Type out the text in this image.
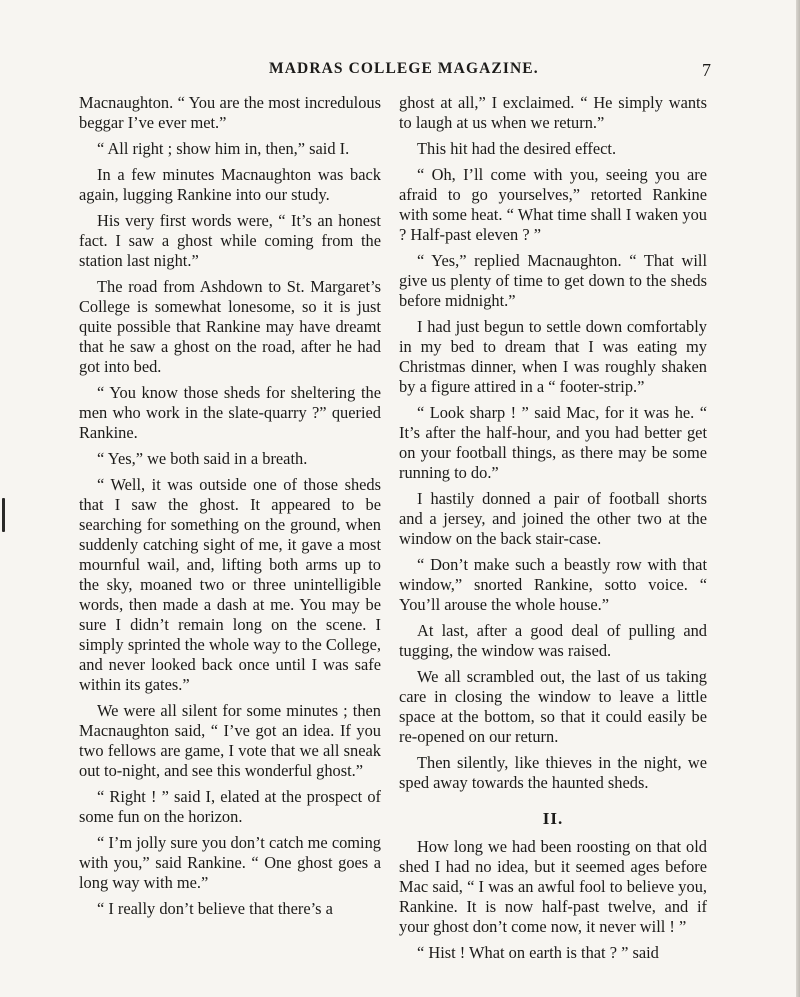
MADRAS COLLEGE MAGAZINE.	7

Macnaughton. “ You are the most incredulous beggar I’ve ever met.”

“ All right ; show him in, then,” said I.

In a few minutes Macnaughton was back again, lugging Rankine into our study.

His very first words were, “ It’s an honest fact. I saw a ghost while coming from the station last night.”

The road from Ashdown to St. Margaret’s College is somewhat lonesome, so it is just quite possible that Rankine may have dreamt that he saw a ghost on the road, after he had got into bed.

“ You know those sheds for sheltering the men who work in the slate-quarry ?” queried Rankine.

“ Yes,” we both said in a breath.

“ Well, it was outside one of those sheds that I saw the ghost. It appeared to be searching for something on the ground, when suddenly catching sight of me, it gave a most mournful wail, and, lifting both arms up to the sky, moaned two or three unintelligible words, then made a dash at me. You may be sure I didn’t remain long on the scene. I simply sprinted the whole way to the College, and never looked back once until I was safe within its gates.”

We were all silent for some minutes ; then Macnaughton said, “ I’ve got an idea. If you two fellows are game, I vote that we all sneak out to-night, and see this wonderful ghost.”

“ Right ! ” said I, elated at the prospect of some fun on the horizon.

“ I’m jolly sure you don’t catch me coming with you,” said Rankine. “ One ghost goes a long way with me.”

“ I really don’t believe that there’s a

ghost at all,” I exclaimed. “ He simply wants to laugh at us when we return.”

This hit had the desired effect.

“ Oh, I’ll come with you, seeing you are afraid to go yourselves,” retorted Rankine with some heat. “ What time shall I waken you ? Half-past eleven ? ”

“ Yes,” replied Macnaughton. “ That will give us plenty of time to get down to the sheds before midnight.”

I had just begun to settle down comfortably in my bed to dream that I was eating my Christmas dinner, when I was roughly shaken by a figure attired in a “ footer-strip.”

“ Look sharp ! ” said Mac, for it was he. “ It’s after the half-hour, and you had better get on your football things, as there may be some running to do.”

I hastily donned a pair of football shorts and a jersey, and joined the other two at the window on the back stair-case.

“ Don’t make such a beastly row with that window,” snorted Rankine, sotto voice. “ You’ll arouse the whole house.”

At last, after a good deal of pulling and tugging, the window was raised.

We all scrambled out, the last of us taking care in closing the window to leave a little space at the bottom, so that it could easily be re-opened on our return.

Then silently, like thieves in the night, we sped away towards the haunted sheds.

II.

How long we had been roosting on that old shed I had no idea, but it seemed ages before Mac said, “ I was an awful fool to believe you, Rankine. It is now half-past twelve, and if your ghost don’t come now, it never will ! ”

“ Hist ! What on earth is that ? ” said
